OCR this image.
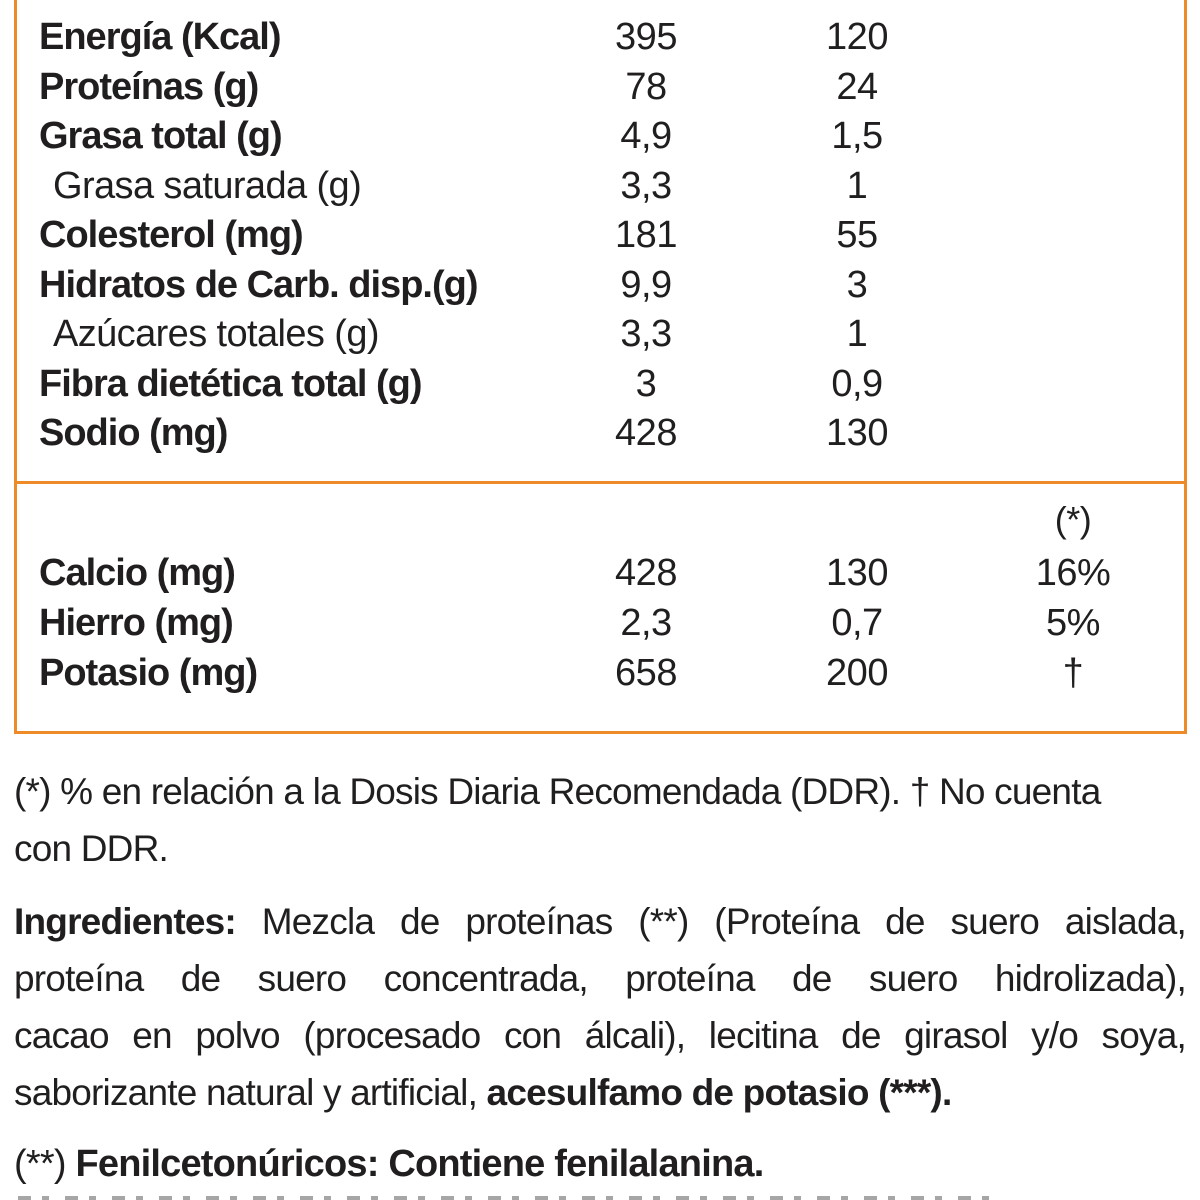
Energía (Kcal)	395	120
Proteínas (g)	78	24
Grasa total (g)	4,9	1,5
Grasa saturada (g)	3,3	1
Colesterol (mg)	181	55
Hidratos de Carb. disp.(g)	9,9	3
Azúcares totales (g)	3,3	1
Fibra dietética total (g)	3	0,9
Sodio (mg)	428	130
(*)
Calcio (mg)	428	130	16%
Hierro (mg)	2,3	0,7	5%
Potasio (mg)	658	200	†
(*) % en relación a la Dosis Diaria Recomendada (DDR). † No cuenta
con DDR.
Ingredientes: Mezcla de proteínas (**) (Proteína de suero aislada,
proteína de suero concentrada, proteína de suero hidrolizada),
cacao en polvo (procesado con álcali), lecitina de girasol y/o soya,
saborizante natural y artificial, acesulfamo de potasio (***).
(**) Fenilcetonúricos: Contiene fenilalanina.
